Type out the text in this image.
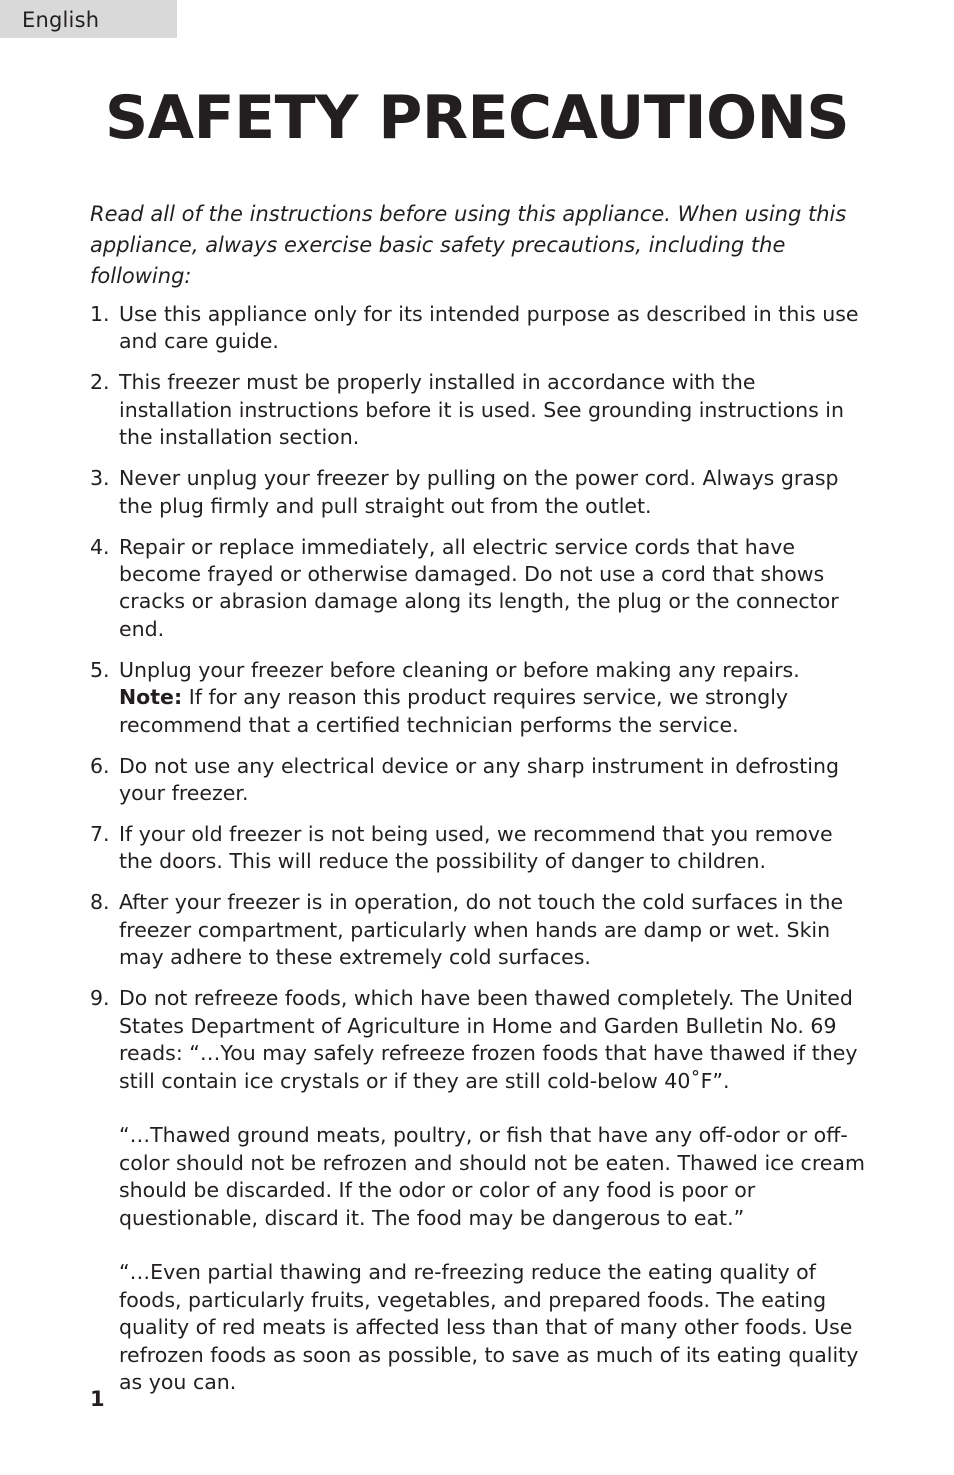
English
SAFETY PRECAUTIONS

Read all of the instructions before using this appliance. When using this appliance, always exercise basic safety precautions, including the following:

1. Use this appliance only for its intended purpose as described in this use and care guide.
2. This freezer must be properly installed in accordance with the installation instructions before it is used. See grounding instructions in the installation section.
3. Never unplug your freezer by pulling on the power cord. Always grasp the plug firmly and pull straight out from the outlet.
4. Repair or replace immediately, all electric service cords that have become frayed or otherwise damaged. Do not use a cord that shows cracks or abrasion damage along its length, the plug or the connector end.
5. Unplug your freezer before cleaning or before making any repairs.
Note: If for any reason this product requires service, we strongly recommend that a certified technician performs the service.
6. Do not use any electrical device or any sharp instrument in defrosting your freezer.
7. If your old freezer is not being used, we recommend that you remove the doors. This will reduce the possibility of danger to children.
8. After your freezer is in operation, do not touch the cold surfaces in the freezer compartment, particularly when hands are damp or wet. Skin may adhere to these extremely cold surfaces.
9. Do not refreeze foods, which have been thawed completely. The United States Department of Agriculture in Home and Garden Bulletin No. 69 reads: “…You may safely refreeze frozen foods that have thawed if they still contain ice crystals or if they are still cold-below 40˚F”.
“…Thawed ground meats, poultry, or fish that have any off-odor or off-color should not be refrozen and should not be eaten. Thawed ice cream should be discarded. If the odor or color of any food is poor or questionable, discard it. The food may be dangerous to eat.”
“…Even partial thawing and re-freezing reduce the eating quality of foods, particularly fruits, vegetables, and prepared foods. The eating quality of red meats is affected less than that of many other foods. Use refrozen foods as soon as possible, to save as much of its eating quality as you can.
1
